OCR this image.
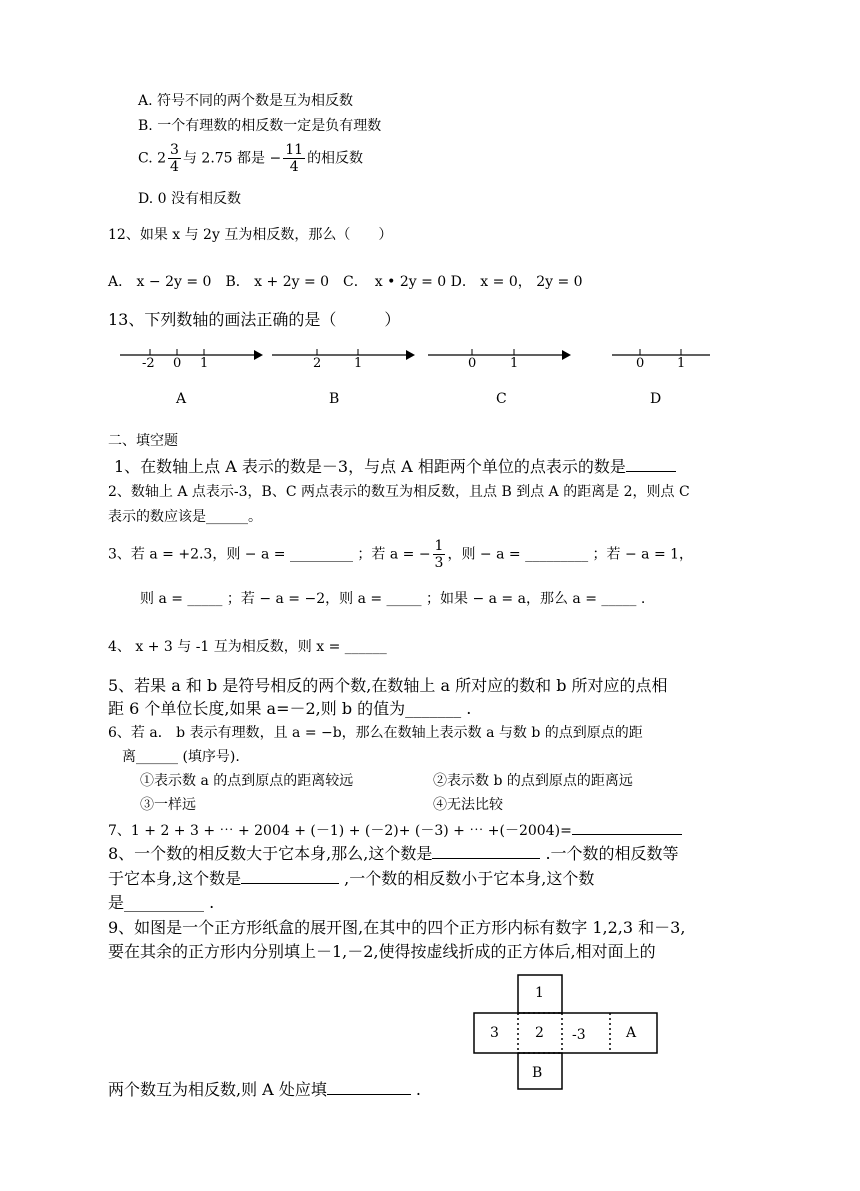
A. 符号不同的两个数是互为相反数
B. 一个有理数的相反数一定是负有理数
C. $2 \frac{3}{4}$ 与 2.75 都是 − $\frac{11}{4}$ 的相反数
D. 0 没有相反数
12、如果 x 与 2y 互为相反数，那么（　　）
A． x − 2y = 0　B． x + 2y = 0　C．　x • 2y = 0 D． x = 0， 2y = 0
13、下列数轴的画法正确的是（　　　）
-2 0 1	2	1	0	1	0	1
A	B	C	D
二、填空题
1、在数轴上点 A 表示的数是－3，与点 A 相距两个单位的点表示的数是
2、数轴上 A 点表示-3，B、C 两点表示的数互为相反数，且点 B 到点 A 的距离是 2，则点 C
表示的数应该是______。
3、若 a = +2.3，则 − a = _________ ；若 a = − $\frac{1}{3}$ ，则 − a = _________ ；若 − a = 1，
则 a = _____ ；若 − a = −2，则 a = _____ ；如果 − a = a，那么 a = _____ .
4、 x + 3 与 -1 互为相反数，则 x = ______
5、若果 a 和 b 是符号相反的两个数,在数轴上 a 所对应的数和 b 所对应的点相
距 6 个单位长度,如果 a=－2,则 b 的值为_______ .
6、若 a． b 表示有理数，且 a = −b，那么在数轴上表示数 a 与数 b 的点到原点的距
离______ (填序号).
①表示数 a 的点到原点的距离较远	②表示数 b 的点到原点的距离远
③一样远	④无法比较
7、1 + 2 + 3 + ⋯ + 2004 + (－1) + (－2)+ (－3) + ⋯ +(－2004)=
8、一个数的相反数大于它本身,那么,这个数是	.一个数的相反数等
于它本身,这个数是	,一个数的相反数小于它本身,这个数
是__________ .
9、如图是一个正方形纸盒的展开图,在其中的四个正方形内标有数字 1,2,3 和－3,
要在其余的正方形内分别填上－1,－2,使得按虚线折成的正方体后,相对面上的
1
3	2 -3	A
B
两个数互为相反数,则 A 处应填	.
